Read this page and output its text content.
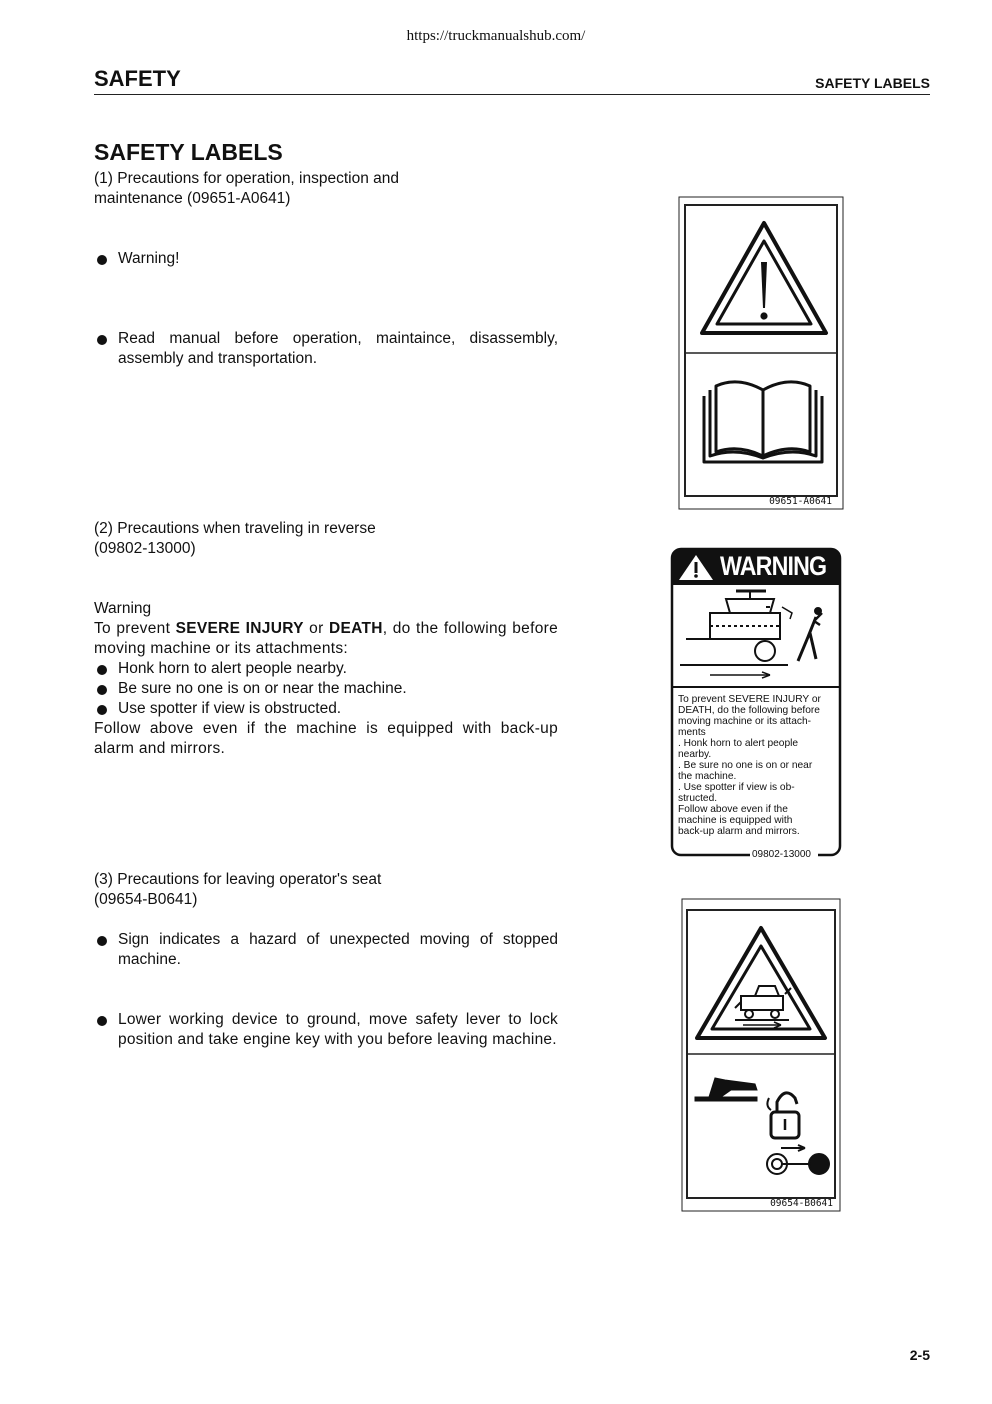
https://truckmanualshub.com/
SAFETY	SAFETY LABELS
SAFETY LABELS
(1) Precautions for operation, inspection and
maintenance (09651-A0641)
Warning!
Read manual before operation, maintaince, disassembly, assembly and transportation.
09651-A0641
(2) Precautions when traveling in reverse
(09802-13000)
Warning
To prevent SEVERE INJURY or DEATH, do the following before moving machine or its attachments:
Honk horn to alert people nearby.
Be sure no one is on or near the machine.
Use spotter if view is obstructed.
Follow above even if the machine is equipped with back-up alarm and mirrors.
WARNING
To prevent SEVERE INJURY or
DEATH, do the following before
moving machine or its attach-
ments
. Honk horn to alert people
nearby.
. Be sure no one is on or near
the machine.
. Use spotter if view is ob-
structed.
Follow above even if the
machine is equipped with
back-up alarm and mirrors.
09802-13000
(3) Precautions for leaving operator's seat
(09654-B0641)
Sign indicates a hazard of unexpected moving of stopped machine.
Lower working device to ground, move safety lever to lock position and take engine key with you before leaving machine.
09654-B0641
2-5
